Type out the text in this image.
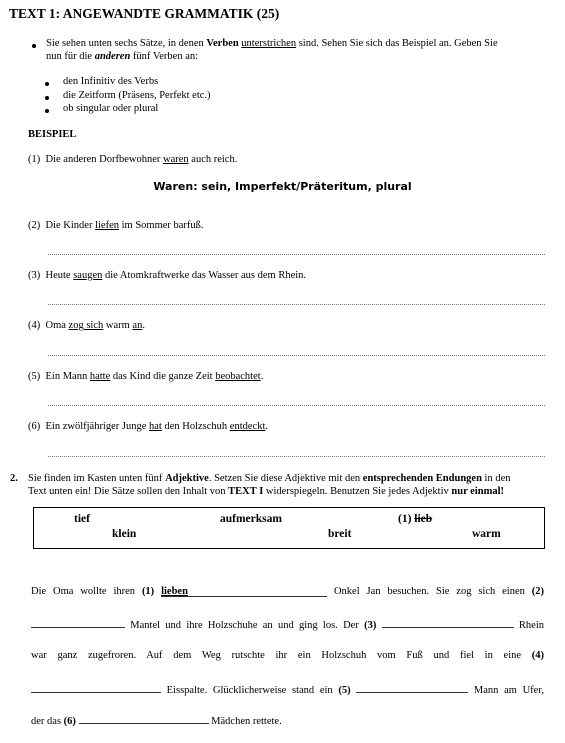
TEXT 1: ANGEWANDTE GRAMMATIK (25)
Sie sehen unten sechs Sätze, in denen Verben unterstrichen sind. Sehen Sie sich das Beispiel an. Geben Sie
nun für die anderen fünf Verben an:
den Infinitiv des Verbs
die Zeitform (Präsens, Perfekt etc.)
ob singular oder plural
BEISPIEL
(1) Die anderen Dorfbewohner waren auch reich.
Waren: sein, Imperfekt/Präteritum, plural
(2) Die Kinder liefen im Sommer barfuß.
(3) Heute saugen die Atomkraftwerke das Wasser aus dem Rhein.
(4) Oma zog sich warm an.
(5) Ein Mann hatte das Kind die ganze Zeit beobachtet.
(6) Ein zwölfjähriger Junge hat den Holzschuh entdeckt.
2. Sie finden im Kasten unten fünf Adjektive. Setzen Sie diese Adjektive mit den entsprechenden Endungen in den
Text unten ein! Die Sätze sollen den Inhalt von TEXT I widerspiegeln. Benutzen Sie jedes Adjektiv nur einmal!
tief	aufmerksam	(1) lieb
klein	breit	warm
Die Oma wollte ihren (1) lieben	Onkel Jan besuchen. Sie zog sich einen (2)
Mantel und ihre Holzschuhe an und ging los. Der (3)	Rhein
war ganz zugefroren. Auf dem Weg rutschte ihr ein Holzschuh vom Fuß und fiel in eine (4)
Eisspalte. Glücklicherweise stand ein (5)	Mann am Ufer,
der das (6)	Mädchen rettete.
